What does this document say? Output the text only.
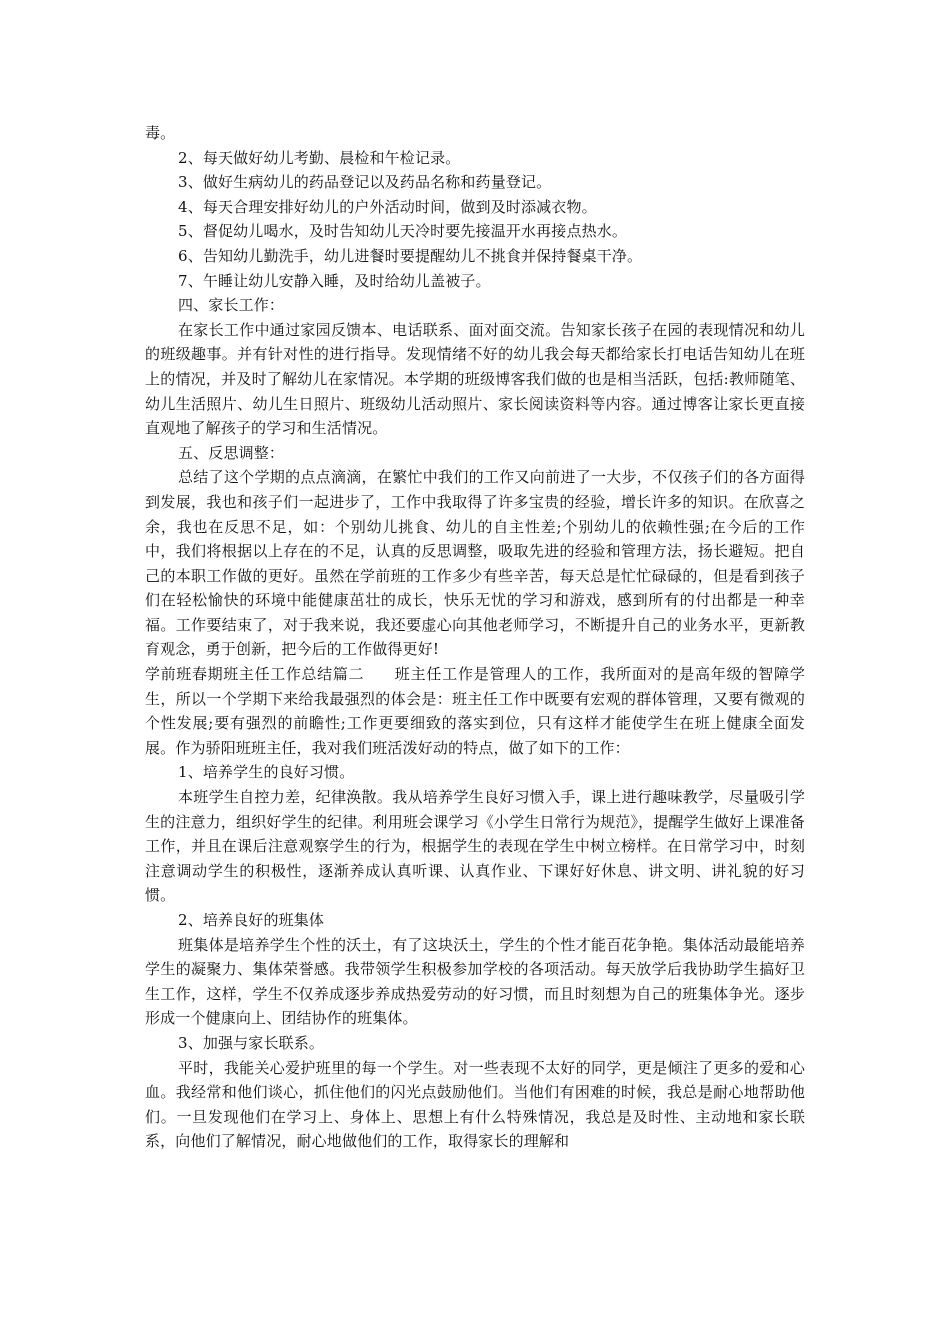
毒。

2、每天做好幼儿考勤、晨检和午检记录。

3、做好生病幼儿的药品登记以及药品名称和药量登记。

4、每天合理安排好幼儿的户外活动时间，做到及时添减衣物。

5、督促幼儿喝水，及时告知幼儿天冷时要先接温开水再接点热水。

6、告知幼儿勤洗手，幼儿进餐时要提醒幼儿不挑食并保持餐桌干净。

7、午睡让幼儿安静入睡，及时给幼儿盖被子。

四、家长工作：

在家长工作中通过家园反馈本、电话联系、面对面交流。告知家长孩子在园的表现情况和幼儿的班级趣事。并有针对性的进行指导。发现情绪不好的幼儿我会每天都给家长打电话告知幼儿在班上的情况，并及时了解幼儿在家情况。本学期的班级博客我们做的也是相当活跃，包括:教师随笔、幼儿生活照片、幼儿生日照片、班级幼儿活动照片、家长阅读资料等内容。通过博客让家长更直接直观地了解孩子的学习和生活情况。

五、反思调整：

总结了这个学期的点点滴滴，在繁忙中我们的工作又向前进了一大步，不仅孩子们的各方面得到发展，我也和孩子们一起进步了，工作中我取得了许多宝贵的经验，增长许多的知识。在欣喜之余，我也在反思不足，如：个别幼儿挑食、幼儿的自主性差;个别幼儿的依赖性强;在今后的工作中，我们将根据以上存在的不足，认真的反思调整，吸取先进的经验和管理方法，扬长避短。把自己的本职工作做的更好。虽然在学前班的工作多少有些辛苦，每天总是忙忙碌碌的，但是看到孩子们在轻松愉快的环境中能健康茁壮的成长，快乐无忧的学习和游戏，感到所有的付出都是一种幸福。工作要结束了，对于我来说，我还要虚心向其他老师学习，不断提升自己的业务水平，更新教育观念，勇于创新，把今后的工作做得更好!

学前班春期班主任工作总结篇二 班主任工作是管理人的工作，我所面对的是高年级的智障学生，所以一个学期下来给我最强烈的体会是：班主任工作中既要有宏观的群体管理，又要有微观的个性发展;要有强烈的前瞻性;工作更要细致的落实到位，只有这样才能使学生在班上健康全面发展。作为骄阳班班主任，我对我们班活泼好动的特点，做了如下的工作：

1、培养学生的良好习惯。

本班学生自控力差，纪律涣散。我从培养学生良好习惯入手，课上进行趣味教学，尽量吸引学生的注意力，组织好学生的纪律。利用班会课学习《小学生日常行为规范》，提醒学生做好上课准备工作，并且在课后注意观察学生的行为，根据学生的表现在学生中树立榜样。在日常学习中，时刻注意调动学生的积极性，逐渐养成认真听课、认真作业、下课好好休息、讲文明、讲礼貌的好习惯。

2、培养良好的班集体

班集体是培养学生个性的沃土，有了这块沃土，学生的个性才能百花争艳。集体活动最能培养学生的凝聚力、集体荣誉感。我带领学生积极参加学校的各项活动。每天放学后我协助学生搞好卫生工作，这样，学生不仅养成逐步养成热爱劳动的好习惯，而且时刻想为自己的班集体争光。逐步形成一个健康向上、团结协作的班集体。

3、加强与家长联系。

平时，我能关心爱护班里的每一个学生。对一些表现不太好的同学，更是倾注了更多的爱和心血。我经常和他们谈心，抓住他们的闪光点鼓励他们。当他们有困难的时候，我总是耐心地帮助他们。一旦发现他们在学习上、身体上、思想上有什么特殊情况，我总是及时性、主动地和家长联系，向他们了解情况，耐心地做他们的工作，取得家长的理解和
